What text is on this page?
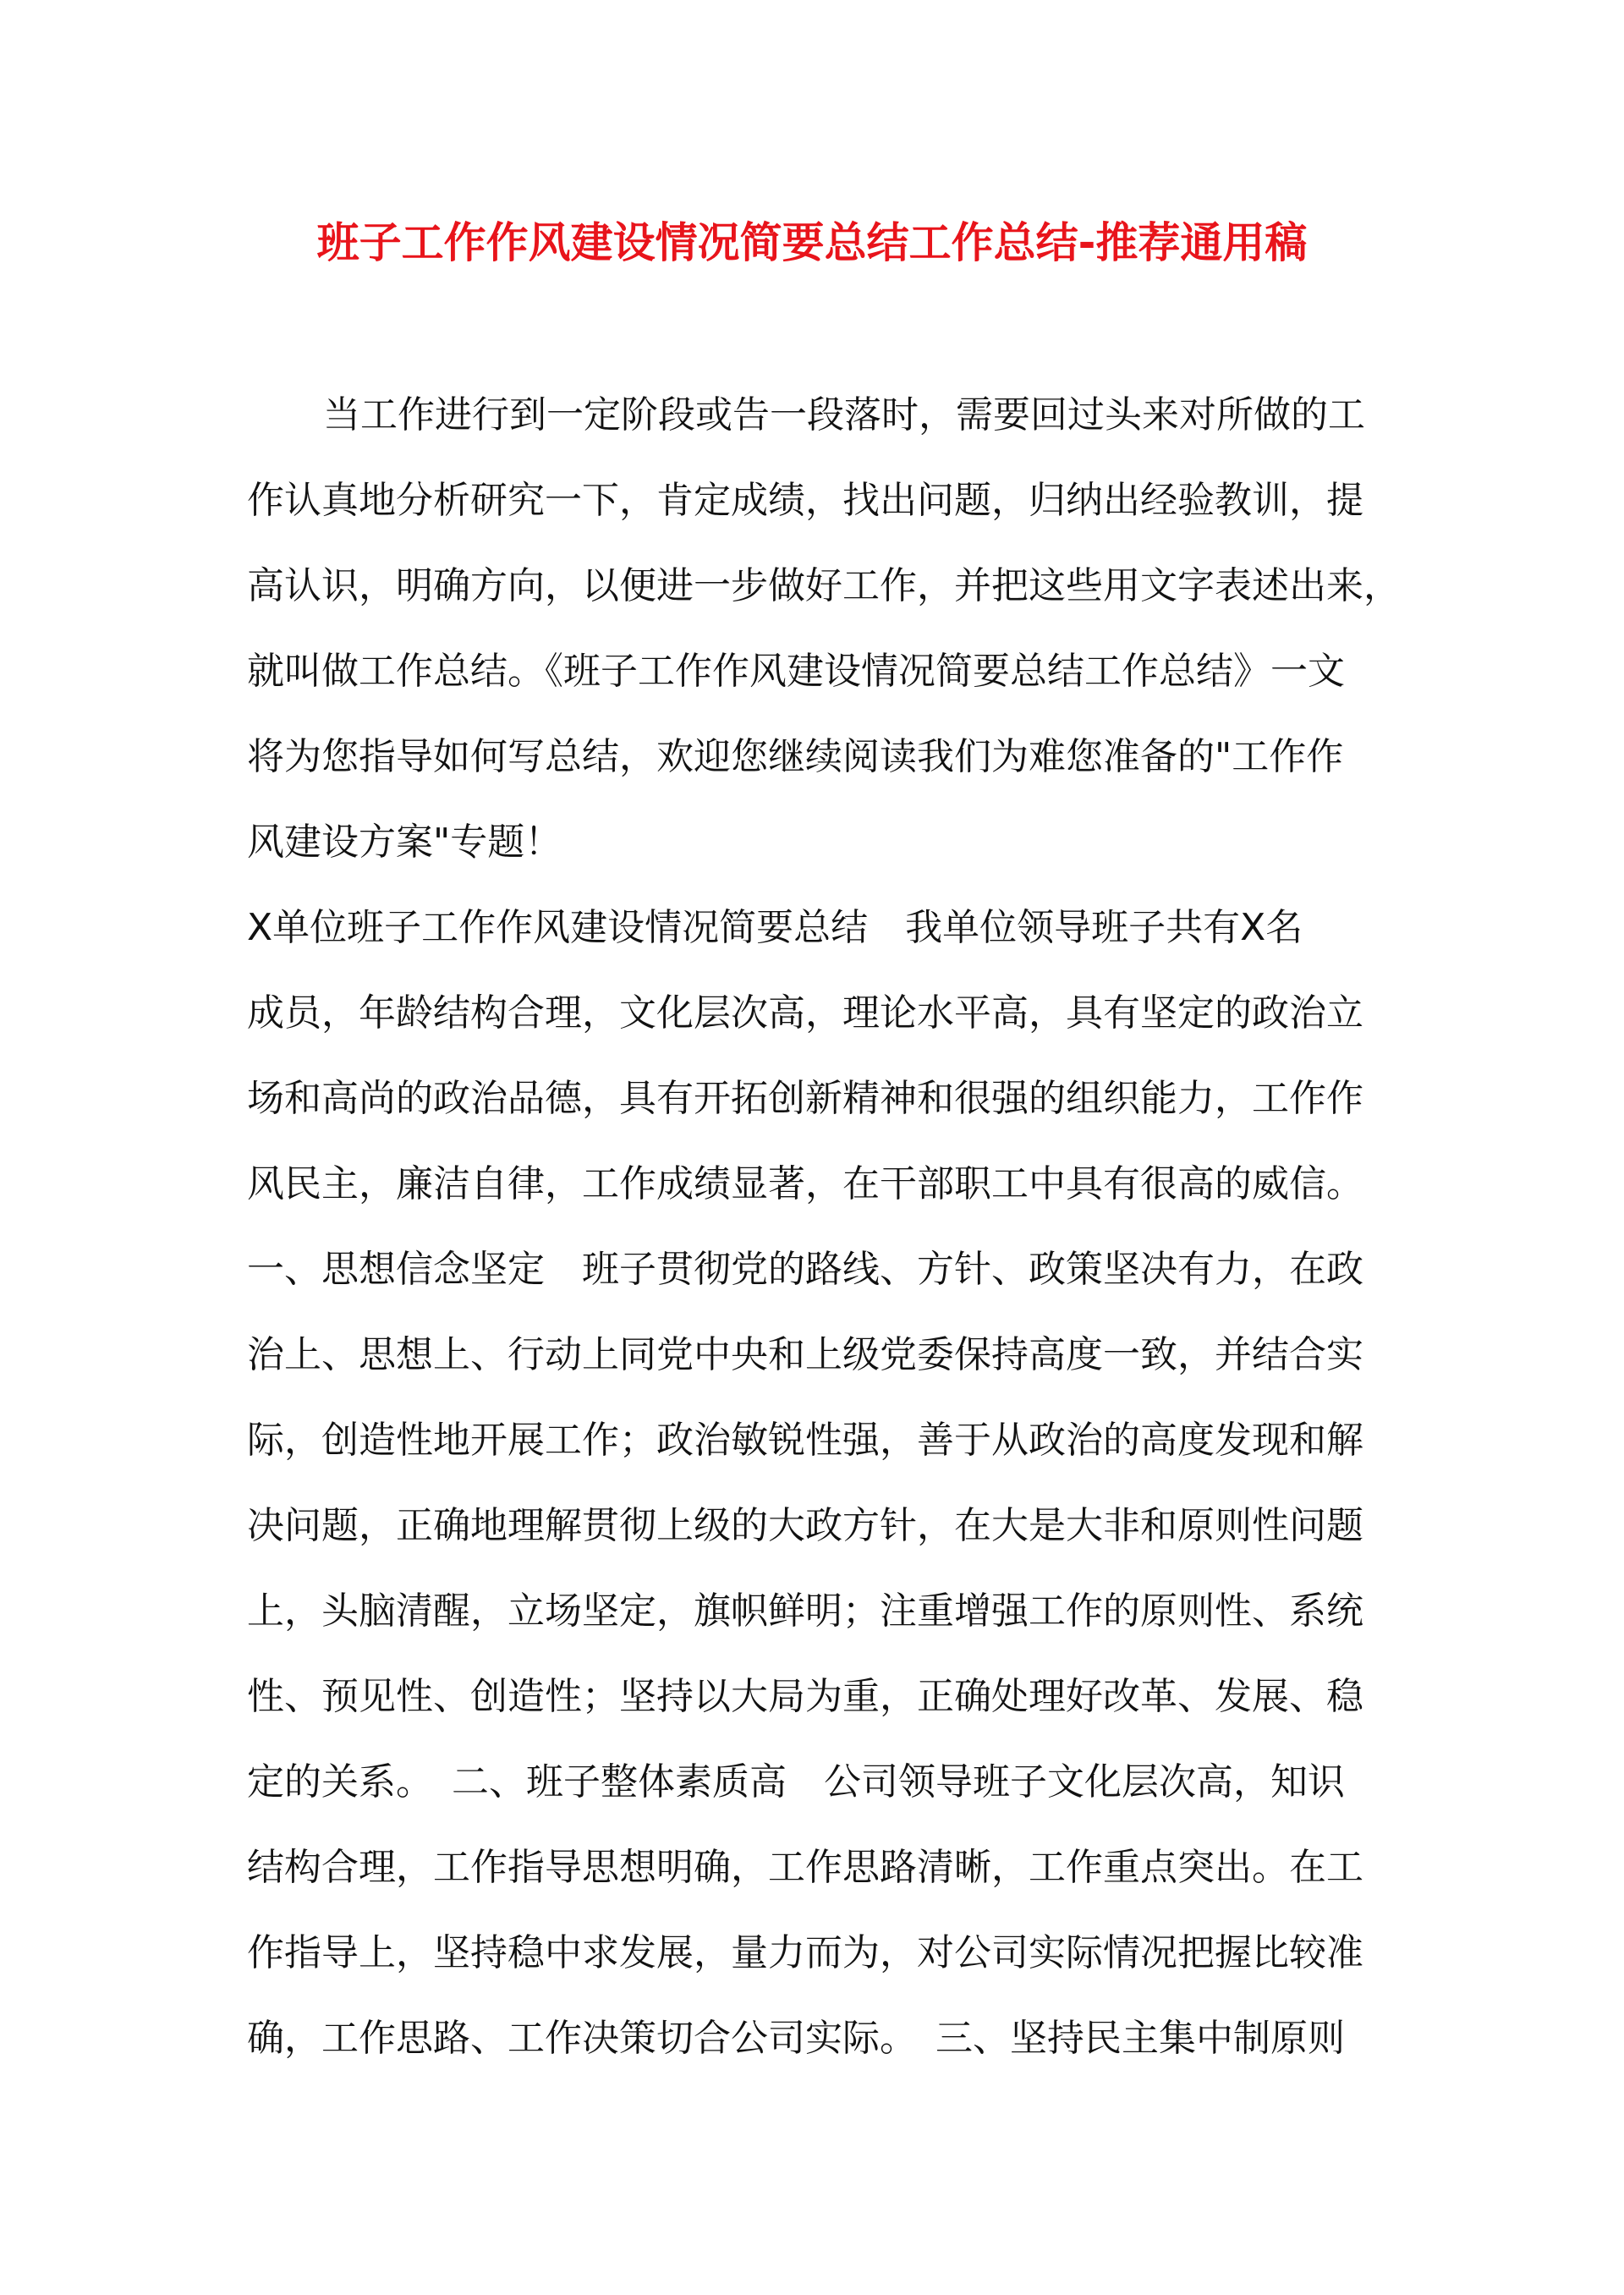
班子工作作风建设情况简要总结工作总结-推荐通用稿
当工作进行到一定阶段或告一段落时，需要回过头来对所做的工
作认真地分析研究一下，肯定成绩，找出问题，归纳出经验教训，提
高认识，明确方向，以便进一步做好工作，并把这些用文字表述出来，
就叫做工作总结。《班子工作作风建设情况简要总结工作总结》一文
将为您指导如何写总结，欢迎您继续阅读我们为难您准备的"工作作
风建设方案"专题！
X单位班子工作作风建设情况简要总结　我单位领导班子共有X名
成员，年龄结构合理，文化层次高，理论水平高，具有坚定的政治立
场和高尚的政治品德，具有开拓创新精神和很强的组织能力，工作作
风民主，廉洁自律，工作成绩显著，在干部职工中具有很高的威信。
一、思想信念坚定　班子贯彻党的路线、方针、政策坚决有力，在政
治上、思想上、行动上同党中央和上级党委保持高度一致，并结合实
际，创造性地开展工作；政治敏锐性强，善于从政治的高度发现和解
决问题，正确地理解贯彻上级的大政方针，在大是大非和原则性问题
上，头脑清醒，立场坚定，旗帜鲜明；注重增强工作的原则性、系统
性、预见性、创造性；坚持以大局为重，正确处理好改革、发展、稳
定的关系。　二、班子整体素质高　公司领导班子文化层次高，知识
结构合理，工作指导思想明确，工作思路清晰，工作重点突出。在工
作指导上，坚持稳中求发展，量力而为，对公司实际情况把握比较准
确，工作思路、工作决策切合公司实际。　三、坚持民主集中制原则
